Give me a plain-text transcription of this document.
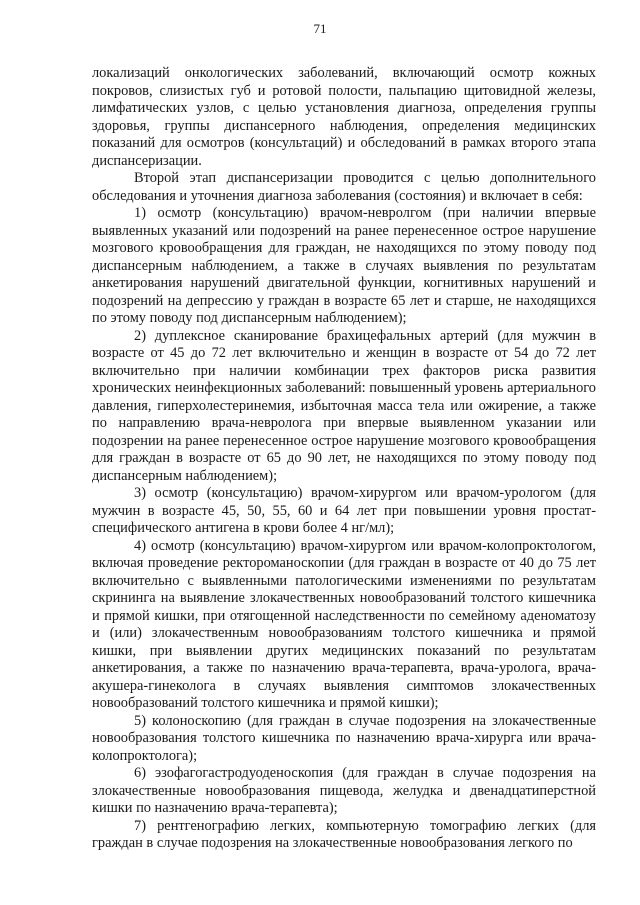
71

локализаций онкологических заболеваний, включающий осмотр кожных покровов, слизистых губ и ротовой полости, пальпацию щитовидной железы, лимфатических узлов, с целью установления диагноза, определения группы здоровья, группы диспансерного наблюдения, определения медицинских показаний для осмотров (консультаций) и обследований в рамках второго этапа диспансеризации.

Второй этап диспансеризации проводится с целью дополнительного обследования и уточнения диагноза заболевания (состояния) и включает в себя:

1) осмотр (консультацию) врачом-невролгом (при наличии впервые выявленных указаний или подозрений на ранее перенесенное острое нарушение мозгового кровообращения для граждан, не находящихся по этому поводу под диспансерным наблюдением, а также в случаях выявления по результатам анкетирования нарушений двигательной функции, когнитивных нарушений и подозрений на депрессию у граждан в возрасте 65 лет и старше, не находящихся по этому поводу под диспансерным наблюдением);

2) дуплексное сканирование брахицефальных артерий (для мужчин в возрасте от 45 до 72 лет включительно и женщин в возрасте от 54 до 72 лет включительно при наличии комбинации трех факторов риска развития хронических неинфекционных заболеваний: повышенный уровень артериального давления, гиперхолестеринемия, избыточная масса тела или ожирение, а также по направлению врача-невролога при впервые выявленном указании или подозрении на ранее перенесенное острое нарушение мозгового кровообращения для граждан в возрасте от 65 до 90 лет, не находящихся по этому поводу под диспансерным наблюдением);

3) осмотр (консультацию) врачом-хирургом или врачом-урологом (для мужчин в возрасте 45, 50, 55, 60 и 64 лет при повышении уровня простат-специфического антигена в крови более 4 нг/мл);

4) осмотр (консультацию) врачом-хирургом или врачом-колопроктологом, включая проведение ректороманоскопии (для граждан в возрасте от 40 до 75 лет включительно с выявленными патологическими изменениями по результатам скрининга на выявление злокачественных новообразований толстого кишечника и прямой кишки, при отягощенной наследственности по семейному аденоматозу и (или) злокачественным новообразованиям толстого кишечника и прямой кишки, при выявлении других медицинских показаний по результатам анкетирования, а также по назначению врача-терапевта, врача-уролога, врача-акушера-гинеколога в случаях выявления симптомов злокачественных новообразований толстого кишечника и прямой кишки);

5) колоноскопию (для граждан в случае подозрения на злокачественные новообразования толстого кишечника по назначению врача-хирурга или врача-колопроктолога);

6) эзофагогастродуоденоскопия (для граждан в случае подозрения на злокачественные новообразования пищевода, желудка и двенадцатиперстной кишки по назначению врача-терапевта);

7) рентгенографию легких, компьютерную томографию легких (для граждан в случае подозрения на злокачественные новообразования легкого по
